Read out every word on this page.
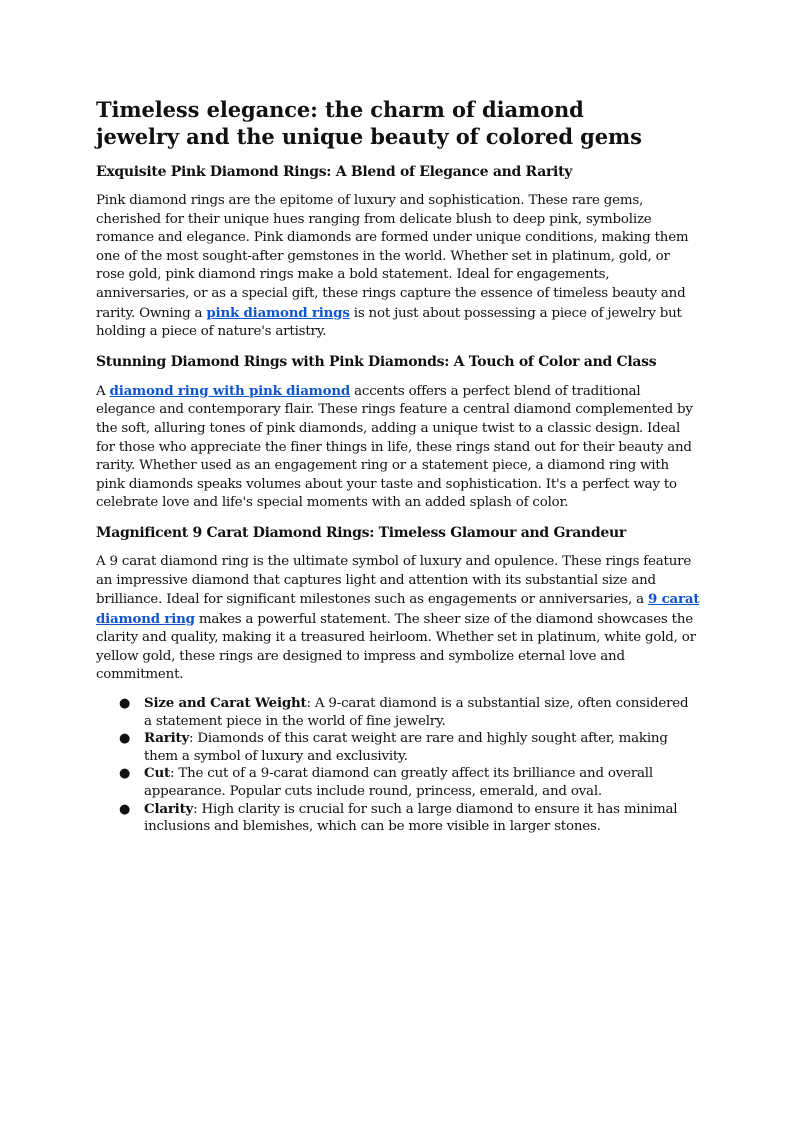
Timeless elegance: the charm of diamond jewelry and the unique beauty of colored gems
Exquisite Pink Diamond Rings: A Blend of Elegance and Rarity

Pink diamond rings are the epitome of luxury and sophistication. These rare gems, cherished for their unique hues ranging from delicate blush to deep pink, symbolize romance and elegance. Pink diamonds are formed under unique conditions, making them one of the most sought-after gemstones in the world. Whether set in platinum, gold, or rose gold, pink diamond rings make a bold statement. Ideal for engagements, anniversaries, or as a special gift, these rings capture the essence of timeless beauty and rarity. Owning a pink diamond rings is not just about possessing a piece of jewelry but holding a piece of nature's artistry.

Stunning Diamond Rings with Pink Diamonds: A Touch of Color and Class

A diamond ring with pink diamond accents offers a perfect blend of traditional elegance and contemporary flair. These rings feature a central diamond complemented by the soft, alluring tones of pink diamonds, adding a unique twist to a classic design. Ideal for those who appreciate the finer things in life, these rings stand out for their beauty and rarity. Whether used as an engagement ring or a statement piece, a diamond ring with pink diamonds speaks volumes about your taste and sophistication. It's a perfect way to celebrate love and life's special moments with an added splash of color.

Magnificent 9 Carat Diamond Rings: Timeless Glamour and Grandeur

A 9 carat diamond ring is the ultimate symbol of luxury and opulence. These rings feature an impressive diamond that captures light and attention with its substantial size and brilliance. Ideal for significant milestones such as engagements or anniversaries, a 9 carat diamond ring makes a powerful statement. The sheer size of the diamond showcases the clarity and quality, making it a treasured heirloom. Whether set in platinum, white gold, or yellow gold, these rings are designed to impress and symbolize eternal love and commitment.

● Size and Carat Weight: A 9-carat diamond is a substantial size, often considered a statement piece in the world of fine jewelry.
● Rarity: Diamonds of this carat weight are rare and highly sought after, making them a symbol of luxury and exclusivity.
● Cut: The cut of a 9-carat diamond can greatly affect its brilliance and overall appearance. Popular cuts include round, princess, emerald, and oval.
● Clarity: High clarity is crucial for such a large diamond to ensure it has minimal inclusions and blemishes, which can be more visible in larger stones.
